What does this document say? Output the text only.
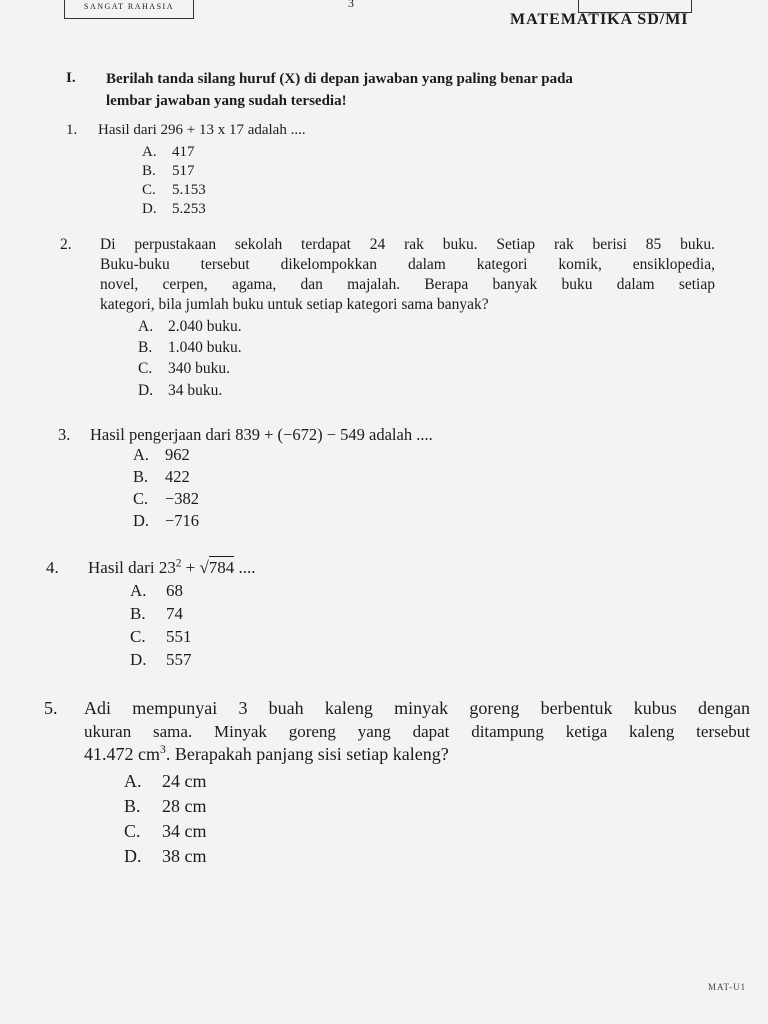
SANGAT RAHASIA	3
MATEMATIKA SD/MI
I. Berilah tanda silang huruf (X) di depan jawaban yang paling benar pada
lembar jawaban yang sudah tersedia!
1. Hasil dari 296 + 13 x 17 adalah ....
A. 417
B. 517
C. 5.153
D. 5.253
2. Di perpustakaan sekolah terdapat 24 rak buku. Setiap rak berisi 85 buku.
Buku-buku tersebut dikelompokkan dalam kategori komik, ensiklopedia,
novel, cerpen, agama, dan majalah. Berapa banyak buku dalam setiap
kategori, bila jumlah buku untuk setiap kategori sama banyak?
A. 2.040 buku.
B. 1.040 buku.
C. 340 buku.
D. 34 buku.
3. Hasil pengerjaan dari 839 + (−672) − 549 adalah ....
A. 962
B. 422
C. −382
D. −716
4. Hasil dari $23^2 + √784$ ....
A. 68
B. 74
C. 551
D. 557
5. Adi mempunyai 3 buah kaleng minyak goreng berbentuk kubus dengan
ukuran sama. Minyak goreng yang dapat ditampung ketiga kaleng tersebut
41.472 $cm^3$. Berapakah panjang sisi setiap kaleng?
A. 24 cm
B. 28 cm
C. 34 cm
D. 38 cm
MAT-U1
